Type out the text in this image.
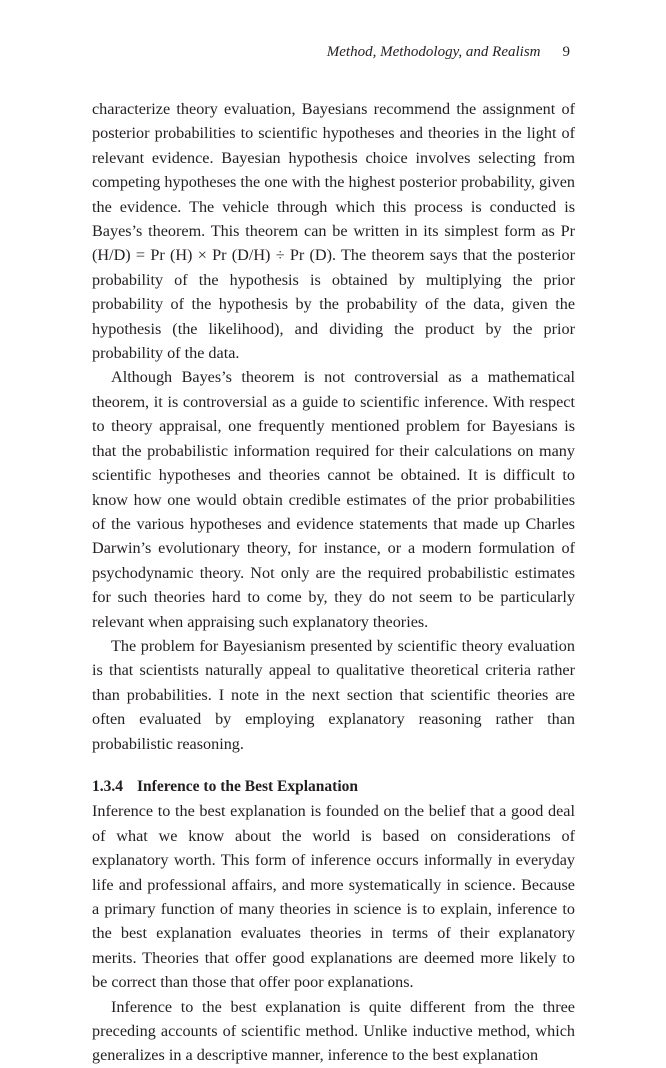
Method, Methodology, and Realism 9

characterize theory evaluation, Bayesians recommend the assignment of posterior probabilities to scientific hypotheses and theories in the light of relevant evidence. Bayesian hypothesis choice involves selecting from competing hypotheses the one with the highest posterior probability, given the evidence. The vehicle through which this process is conducted is Bayes’s theorem. This theorem can be written in its simplest form as Pr (H/D) = Pr (H) × Pr (D/H) ÷ Pr (D). The theorem says that the posterior probability of the hypothesis is obtained by multiplying the prior probability of the hypothesis by the probability of the data, given the hypothesis (the likelihood), and dividing the product by the prior probability of the data.

Although Bayes’s theorem is not controversial as a mathematical theorem, it is controversial as a guide to scientific inference. With respect to theory appraisal, one frequently mentioned problem for Bayesians is that the probabilistic information required for their calculations on many scientific hypotheses and theories cannot be obtained. It is difficult to know how one would obtain credible estimates of the prior probabilities of the various hypotheses and evidence statements that made up Charles Darwin’s evolutionary theory, for instance, or a modern formulation of psychodynamic theory. Not only are the required probabilistic estimates for such theories hard to come by, they do not seem to be particularly relevant when appraising such explanatory theories.

The problem for Bayesianism presented by scientific theory evaluation is that scientists naturally appeal to qualitative theoretical criteria rather than probabilities. I note in the next section that scientific theories are often evaluated by employing explanatory reasoning rather than probabilistic reasoning.

1.3.4 Inference to the Best Explanation

Inference to the best explanation is founded on the belief that a good deal of what we know about the world is based on considerations of explanatory worth. This form of inference occurs informally in everyday life and professional affairs, and more systematically in science. Because a primary function of many theories in science is to explain, inference to the best explanation evaluates theories in terms of their explanatory merits. Theories that offer good explanations are deemed more likely to be correct than those that offer poor explanations.

Inference to the best explanation is quite different from the three preceding accounts of scientific method. Unlike inductive method, which generalizes in a descriptive manner, inference to the best explanation
